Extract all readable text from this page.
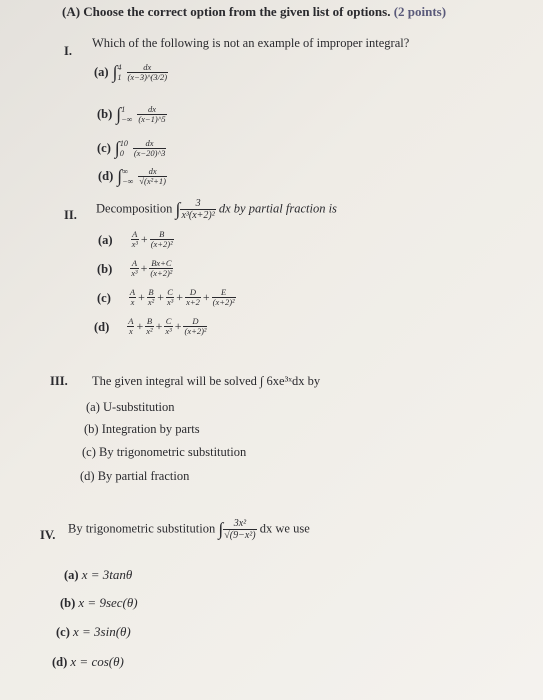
(A) Choose the correct option from the given list of options. (2 points)
I.
Which of the following is not an example of improper integral?
(a) ∫ 4
1
$\frac{dx}{(x-3)\^{}(3/2)}$
(b) ∫ 1
−∞
$\frac{dx}{(x-1)\^{}5}$
(c) ∫ 10
0
	$\frac{dx}{(x-20)\^{}3}$
(d) ∫ ∞
−∞
$\frac{dx}{\text{√(x²+1)}}$
II. Decomposition ∫ $\frac{3}{\text{x³(x+2)²}}$ dx by partial fraction is
$(a) \frac{A}{\text{x³}} + \frac{B}{\text{(x+2)²}}$
$(b) \frac{A}{\text{x³}} + \frac{Bx+C}{\text{(x+2)²}}$
$(c) \frac{A}{x} + \frac{B}{\text{x²}} + \frac{C}{\text{x³}} + \frac{D}{x+2} + \frac{E}{\text{(x+2)²}}$
$(d) \frac{A}{x} + \frac{B}{\text{x²}} + \frac{C}{\text{x³}} + \frac{D}{\text{(x+2)²}}$
III. The given integral will be solved ∫ 6xe³ˣdx by
(a) U-substitution
(b) Integration by parts
(c) By trigonometric substitution
(d) By partial fraction
IV. By trigonometric substitution ∫ $\frac{\text{3x²}}{\text{√(9−x²)}}$ dx we use
(a) x = 3tanθ
(b) x = 9sec(θ)
(c) x = 3sin(θ)
(d) x = cos(θ)
